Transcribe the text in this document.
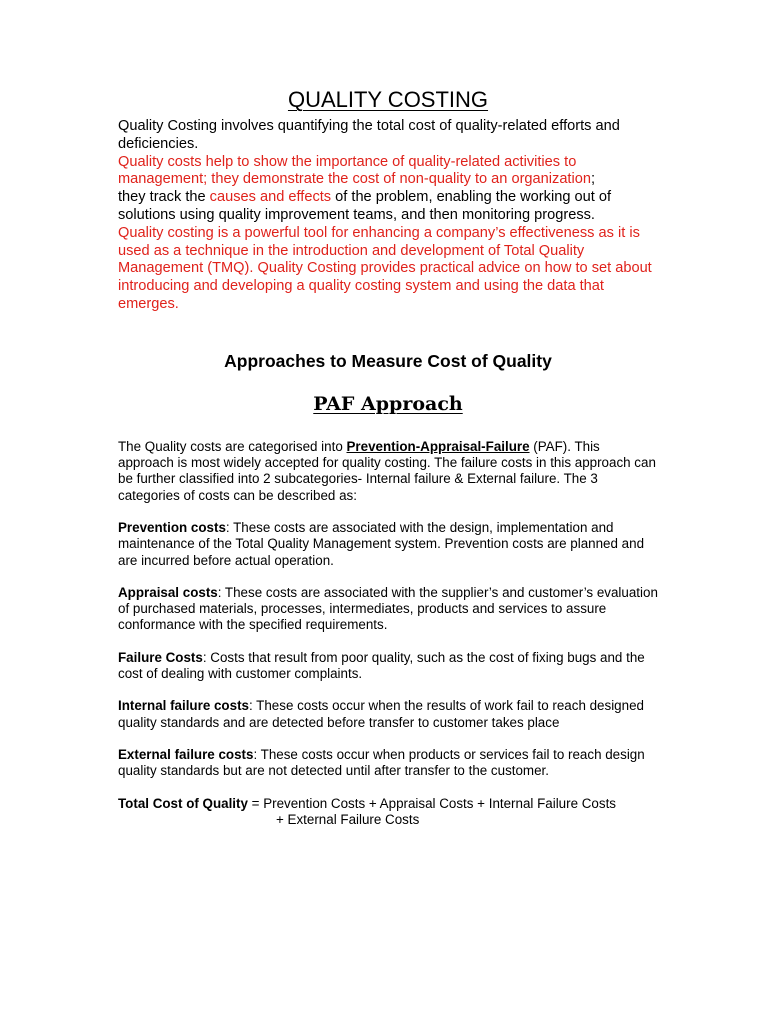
QUALITY COSTING

Quality Costing involves quantifying the total cost of quality-related efforts and deficiencies.
Quality costs help to show the importance of quality-related activities to management; they demonstrate the cost of non-quality to an organization;
they track the causes and effects of the problem, enabling the working out of solutions using quality improvement teams, and then monitoring progress.
Quality costing is a powerful tool for enhancing a company’s effectiveness as it is used as a technique in the introduction and development of Total Quality Management (TMQ). Quality Costing provides practical advice on how to set about introducing and developing a quality costing system and using the data that emerges.

Approaches to Measure Cost of Quality
PAF Approach

The Quality costs are categorised into Prevention-Appraisal-Failure (PAF). This approach is most widely accepted for quality costing. The failure costs in this approach can be further classified into 2 subcategories- Internal failure & External failure. The 3 categories of costs can be described as:

Prevention costs: These costs are associated with the design, implementation and maintenance of the Total Quality Management system. Prevention costs are planned and are incurred before actual operation.

Appraisal costs: These costs are associated with the supplier’s and customer’s evaluation of purchased materials, processes, intermediates, products and services to assure conformance with the specified requirements.

Failure Costs: Costs that result from poor quality, such as the cost of fixing bugs and the cost of dealing with customer complaints.

Internal failure costs: These costs occur when the results of work fail to reach designed quality standards and are detected before transfer to customer takes place

External failure costs: These costs occur when products or services fail to reach design quality standards but are not detected until after transfer to the customer.

Total Cost of Quality = Prevention Costs + Appraisal Costs + Internal Failure Costs
+ External Failure Costs
